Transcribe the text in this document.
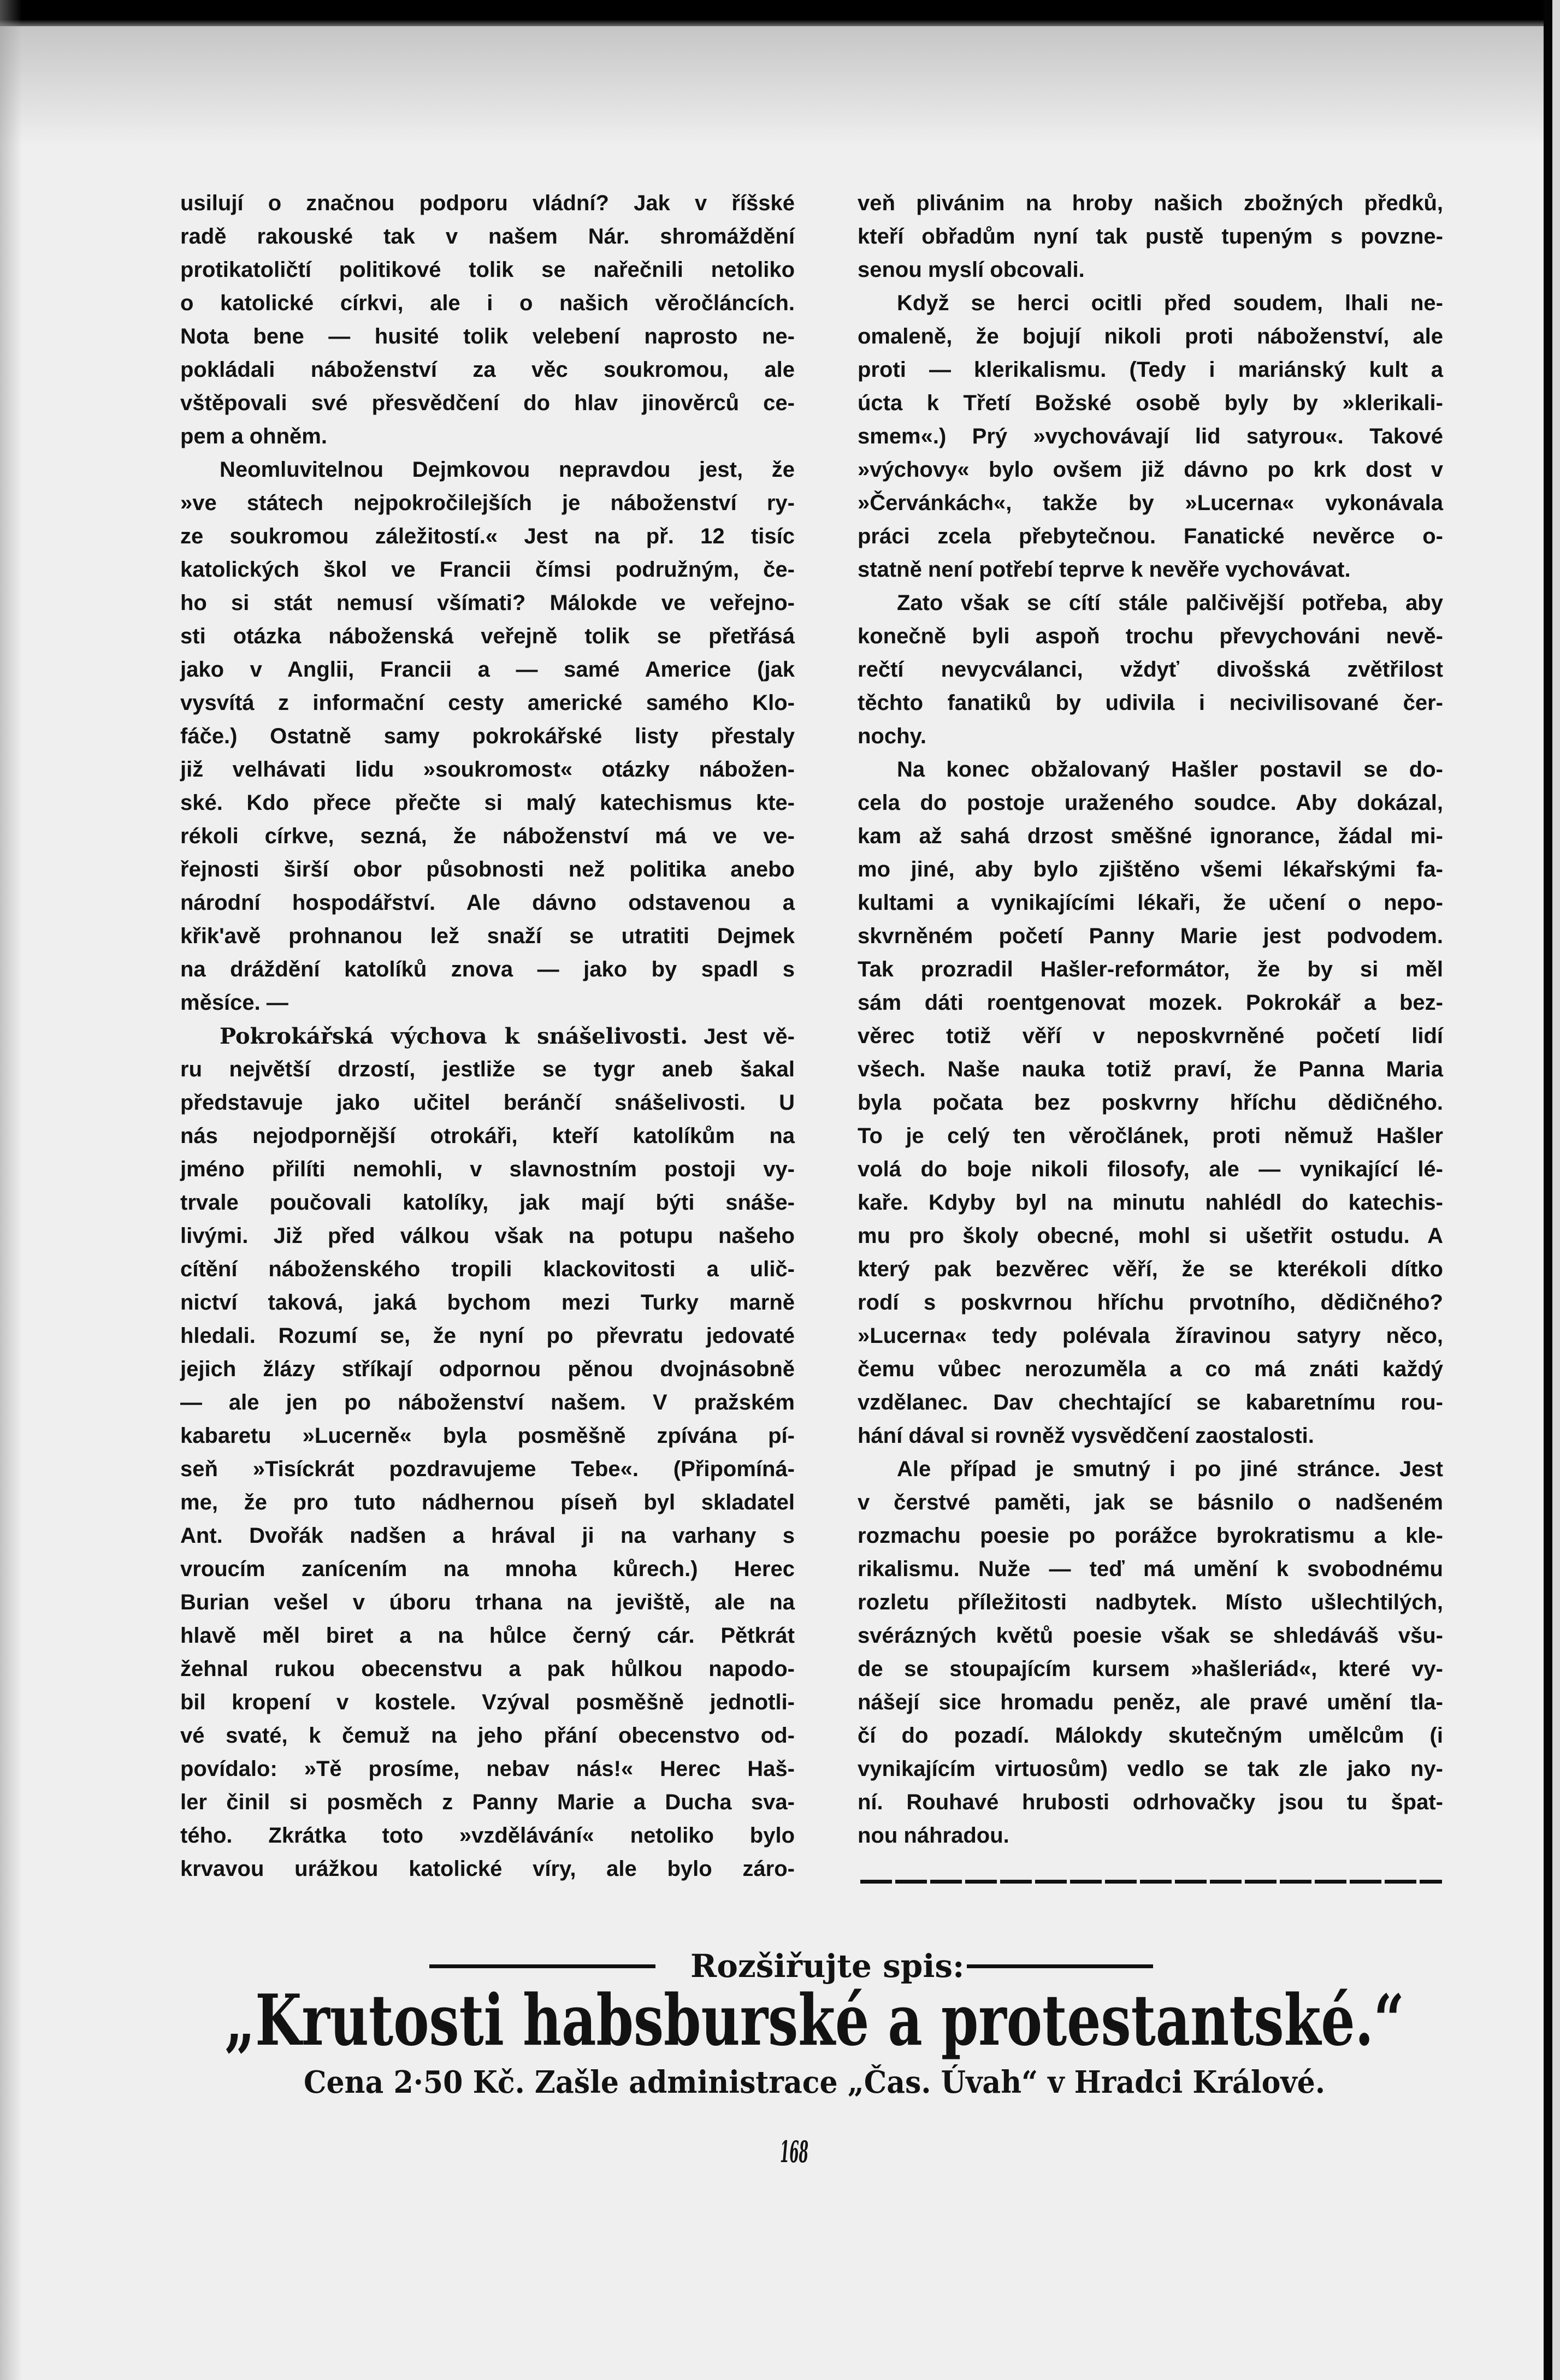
usilují o značnou podporu vládní? Jak v říšské
radě rakouské tak v našem Nár. shromáždění
protikatoličtí politikové tolik se nařečnili netoliko
o katolické církvi, ale i o našich věročláncích.
Nota bene — husité tolik velebení naprosto ne-
pokládali náboženství za věc soukromou, ale
vštěpovali své přesvědčení do hlav jinověrců ce-
pem a ohněm.
Neomluvitelnou Dejmkovou nepravdou jest, že
»ve státech nejpokročilejších je náboženství ry-
ze soukromou záležitostí.« Jest na př. 12 tisíc
katolických škol ve Francii čímsi podružným, če-
ho si stát nemusí všímati? Málokde ve veřejno-
sti otázka náboženská veřejně tolik se přetřásá
jako v Anglii, Francii a — samé Americe (jak
vysvítá z informační cesty americké samého Klo-
fáče.) Ostatně samy pokrokářské listy přestaly
již velhávati lidu »soukromost« otázky nábožen-
ské. Kdo přece přečte si malý katechismus kte-
rékoli církve, sezná, že náboženství má ve ve-
řejnosti širší obor působnosti než politika anebo
národní hospodářství. Ale dávno odstavenou a
křik'avě prohnanou lež snaží se utratiti Dejmek
na dráždění katolíků znova — jako by spadl s
měsíce. —
Pokrokářská výchova k snášelivosti. Jest vě-
ru největší drzostí, jestliže se tygr aneb šakal
představuje jako učitel beránčí snášelivosti. U
nás nejodpornější otrokáři, kteří katolíkům na
jméno přilíti nemohli, v slavnostním postoji vy-
trvale poučovali katolíky, jak mají býti snáše-
livými. Již před válkou však na potupu našeho
cítění náboženského tropili klackovitosti a ulič-
nictví taková, jaká bychom mezi Turky marně
hledali. Rozumí se, že nyní po převratu jedovaté
jejich žlázy stříkají odpornou pěnou dvojnásobně
— ale jen po náboženství našem. V pražském
kabaretu »Lucerně« byla posměšně zpívána pí-
seň »Tisíckrát pozdravujeme Tebe«. (Připomíná-
me, že pro tuto nádhernou píseň byl skladatel
Ant. Dvořák nadšen a hrával ji na varhany s
vroucím zanícením na mnoha kůrech.) Herec
Burian vešel v úboru trhana na jeviště, ale na
hlavě měl biret a na hůlce černý cár. Pětkrát
žehnal rukou obecenstvu a pak hůlkou napodo-
bil kropení v kostele. Vzýval posměšně jednotli-
vé svaté, k čemuž na jeho přání obecenstvo od-
povídalo: »Tě prosíme, nebav nás!« Herec Haš-
ler činil si posměch z Panny Marie a Ducha sva-
tého. Zkrátka toto »vzdělávání« netoliko bylo
krvavou urážkou katolické víry, ale bylo záro-
veň plivánim na hroby našich zbožných předků,
kteří obřadům nyní tak pustě tupeným s povzne-
senou myslí obcovali.
Když se herci ocitli před soudem, lhali ne-
omaleně, že bojují nikoli proti náboženství, ale
proti — klerikalismu. (Tedy i mariánský kult a
úcta k Třetí Božské osobě byly by »klerikali-
smem«.) Prý »vychovávají lid satyrou«. Takové
»výchovy« bylo ovšem již dávno po krk dost v
»Červánkách«, takže by »Lucerna« vykonávala
práci zcela přebytečnou. Fanatické nevěrce o-
statně není potřebí teprve k nevěře vychovávat.
Zato však se cítí stále palčivější potřeba, aby
konečně byli aspoň trochu převychováni nevě-
rečtí nevycválanci, vždyť divošská zvětřilost
těchto fanatiků by udivila i necivilisované čer-
nochy.
Na konec obžalovaný Hašler postavil se do-
cela do postoje uraženého soudce. Aby dokázal,
kam až sahá drzost směšné ignorance, žádal mi-
mo jiné, aby bylo zjištěno všemi lékařskými fa-
kultami a vynikajícími lékaři, že učení o nepo-
skvrněném početí Panny Marie jest podvodem.
Tak prozradil Hašler-reformátor, že by si měl
sám dáti roentgenovat mozek. Pokrokář a bez-
věrec totiž věří v neposkvrněné početí lidí
všech. Naše nauka totiž praví, že Panna Maria
byla počata bez poskvrny hříchu dědičného.
To je celý ten věročlánek, proti němuž Hašler
volá do boje nikoli filosofy, ale — vynikající lé-
kaře. Kdyby byl na minutu nahlédl do katechis-
mu pro školy obecné, mohl si ušetřit ostudu. A
který pak bezvěrec věří, že se kterékoli dítko
rodí s poskvrnou hříchu prvotního, dědičného?
»Lucerna« tedy polévala žíravinou satyry něco,
čemu vůbec nerozuměla a co má znáti každý
vzdělanec. Dav chechtající se kabaretnímu rou-
hání dával si rovněž vysvědčení zaostalosti.
Ale případ je smutný i po jiné stránce. Jest
v čerstvé paměti, jak se básnilo o nadšeném
rozmachu poesie po porážce byrokratismu a kle-
rikalismu. Nuže — teď má umění k svobodnému
rozletu příležitosti nadbytek. Místo ušlechtilých,
svérázných květů poesie však se shledáváš všu-
de se stoupajícím kursem »hašleriád«, které vy-
nášejí sice hromadu peněz, ale pravé umění tla-
čí do pozadí. Málokdy skutečným umělcům (i
vynikajícím virtuosům) vedlo se tak zle jako ny-
ní. Rouhavé hrubosti odrhovačky jsou tu špat-
nou náhradou.
Rozšiřujte spis:
„Krutosti habsburské a protestantské.“
Cena 2·50 Kč. Zašle administrace „Čas. Úvah“ v Hradci Králové.
168
